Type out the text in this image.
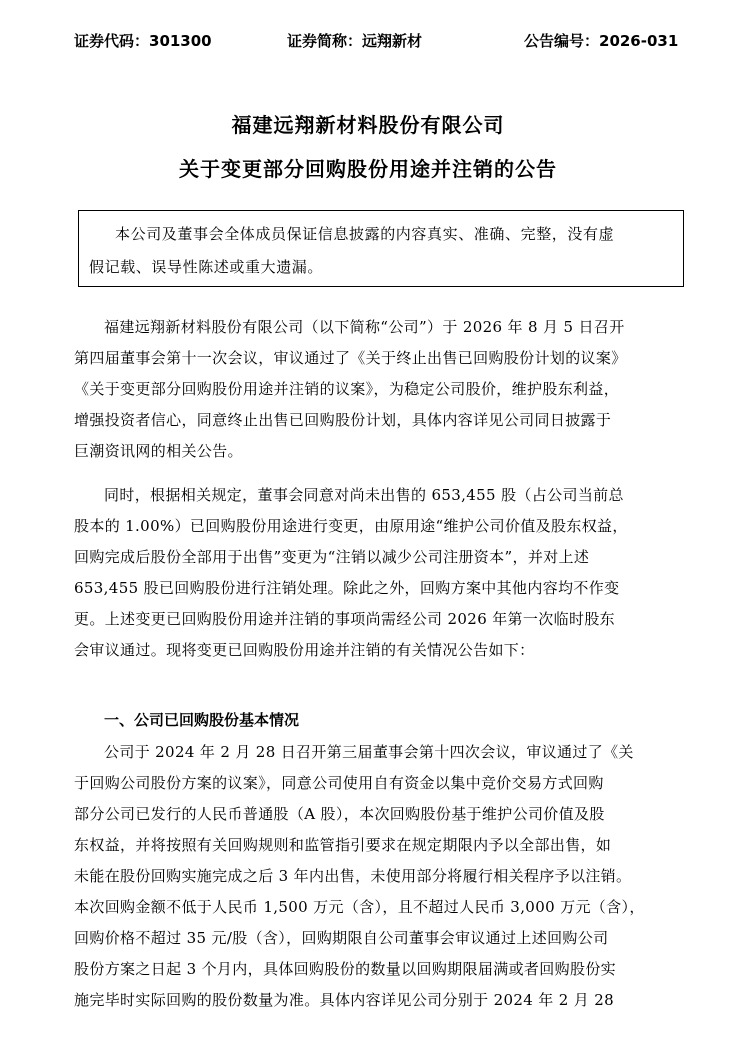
证券代码：301300	证券简称：远翔新材	公告编号：2026-031
福建远翔新材料股份有限公司
关于变更部分回购股份用途并注销的公告
本公司及董事会全体成员保证信息披露的内容真实、准确、完整，没有虚
假记载、误导性陈述或重大遗漏。
福建远翔新材料股份有限公司（以下简称“公司”）于 2026 年 8 月 5 日召开
第四届董事会第十一次会议，审议通过了《关于终止出售已回购股份计划的议案》
《关于变更部分回购股份用途并注销的议案》，为稳定公司股价，维护股东利益，
增强投资者信心，同意终止出售已回购股份计划，具体内容详见公司同日披露于
巨潮资讯网的相关公告。
同时，根据相关规定，董事会同意对尚未出售的 653,455 股（占公司当前总
股本的 1.00%）已回购股份用途进行变更，由原用途“维护公司价值及股东权益，
回购完成后股份全部用于出售”变更为“注销以减少公司注册资本”，并对上述
653,455 股已回购股份进行注销处理。除此之外，回购方案中其他内容均不作变
更。上述变更已回购股份用途并注销的事项尚需经公司 2026 年第一次临时股东
会审议通过。现将变更已回购股份用途并注销的有关情况公告如下：
一、公司已回购股份基本情况
公司于 2024 年 2 月 28 日召开第三届董事会第十四次会议，审议通过了《关
于回购公司股份方案的议案》，同意公司使用自有资金以集中竞价交易方式回购
部分公司已发行的人民币普通股（A 股），本次回购股份基于维护公司价值及股
东权益，并将按照有关回购规则和监管指引要求在规定期限内予以全部出售，如
未能在股份回购实施完成之后 3 年内出售，未使用部分将履行相关程序予以注销。
本次回购金额不低于人民币 1,500 万元（含），且不超过人民币 3,000 万元（含），
回购价格不超过 35 元/股（含），回购期限自公司董事会审议通过上述回购公司
股份方案之日起 3 个月内，具体回购股份的数量以回购期限届满或者回购股份实
施完毕时实际回购的股份数量为准。具体内容详见公司分别于 2024 年 2 月 28
